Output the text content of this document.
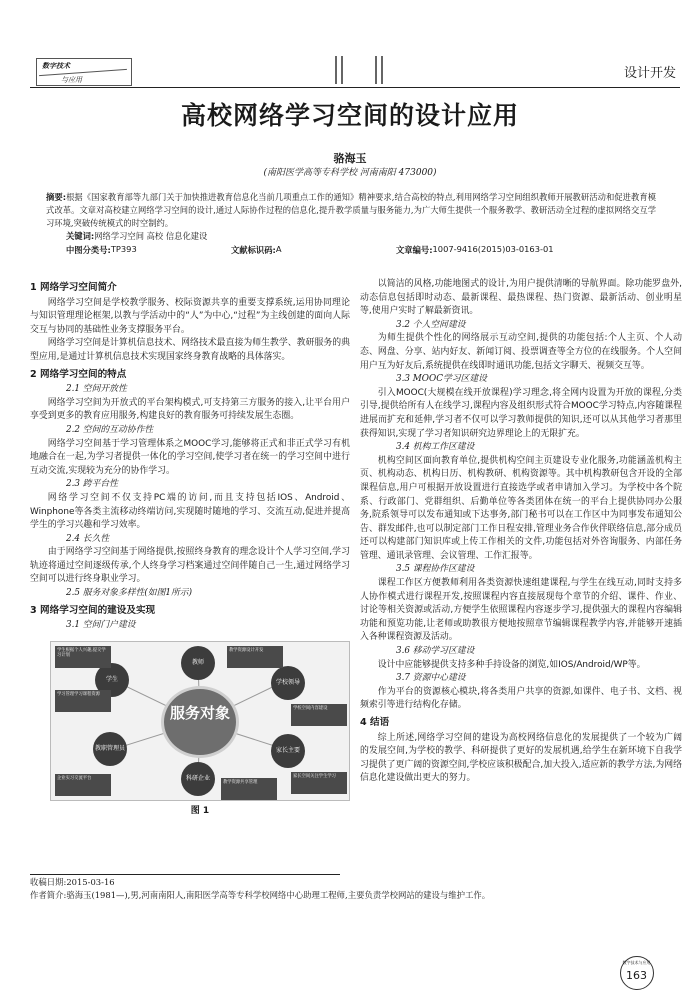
数字技术
与应用	设计开发
高校网络学习空间的设计应用
骆海玉
(南阳医学高等专科学校 河南南阳 473000)
摘要:根据《国家教育部等九部门关于加快推进教育信息化当前几项重点工作的通知》精神要求,结合高校的特点,利用网络学习空间组织教师开展教研活动和促进教育模式改革。文章对高校建立网络学习空间的设计,通过人际协作过程的信息化,提升教学质量与服务能力,为广大师生提供一个服务教学、教研活动全过程的虚拟网络交互学习环境,突破传统模式的时空制约。
关键词:网络学习空间 高校 信息化建设
中图分类号: TP393	文献标识码: A	文章编号: 1007-9416(2015)03-0163-01
1 网络学习空间简介
网络学习空间是学校教学服务、校际资源共享的重要支撑系统,运用协同理论与知识管理理论框架,以教与学活动中的“人”为中心,“过程”为主线创建的面向人际交互与协同的基础性业务支撑服务平台。
网络学习空间是计算机信息技术、网络技术最直接为师生教学、教研服务的典型应用,是通过计算机信息技术实现国家终身教育战略的具体落实。
2 网络学习空间的特点
2.1 空间开放性
网络学习空间为开放式的平台架构模式,可支持第三方服务的接入,让平台用户享受到更多的教育应用服务,构建良好的教育服务可持续发展生态圈。
2.2 空间的互动协作性
网络学习空间基于学习管理体系之MOOC学习,能够将正式和非正式学习有机地融合在一起,为学习者提供一体化的学习空间,使学习者在统一的学习空间中进行互动交流,实现较为充分的协作学习。
2.3 跨平台性
网络学习空间不仅支持PC端的访问,而且支持包括IOS、Android、Winphone等各类主流移动终端访问,实现随时随地的学习、交流互动,促进并提高学生的学习兴趣和学习效率。
2.4 长久性
由于网络学习空间基于网络提供,按照终身教育的理念设计个人学习空间,学习轨迹将通过空间逐级传承,个人终身学习档案通过空间伴随自己一生,通过网络学习空间可以进行终身职业学习。
2.5 服务对象多样性(如图1所示)
3 网络学习空间的建设及实现
3.1 空间门户建设
服务对象
学生
教师
学校领导
家长主要
科研企业
教职管理员
学生根据个人兴趣,提交学习计划
学习管理学习课程资源
教学资源设计开发
学校空间内容建设
家长空间关注学生学习
企业实习交流平台
教学资源共享管理
图 1
以简洁的风格,功能地图式的设计,为用户提供清晰的导航界面。除功能罗盘外,动态信息包括即时动态、最新课程、最热课程、热门资源、最新活动、创业明星等,使用户实时了解最新资讯。
3.2 个人空间建设
为师生提供个性化的网络展示互动空间,提供的功能包括:个人主页、个人动态、网盘、分享、站内好友、新闻订阅、投票调查等全方位的在线服务。个人空间用户互为好友后,系统提供在线即时通讯功能,包括文字聊天、视频交互等。
3.3 MOOC学习区建设
引入MOOC(大规模在线开放课程)学习理念,将全网内设置为开放的课程,分类引导,提供给所有人在线学习,课程内容及组织形式符合MOOC学习特点,内容随课程进展而扩充和延伸,学习者不仅可以学习教师提供的知识,还可以从其他学习者那里获得知识,实现了学习者知识研究边界理论上的无限扩充。
3.4 机构工作区建设
机构空间区面向教育单位,提供机构空间主页建设专业化服务,功能涵盖机构主页、机构动态、机构日历、机构教研、机构资源等。其中机构教研包含开设的全部课程信息,用户可根据开放设置进行直接选学或者申请加入学习。为学校中各个院系、行政部门、党群组织、后勤单位等各类团体在统一的平台上提供协同办公服务,院系领导可以发布通知或下达事务,部门秘书可以在工作区中为同事发布通知公告、群发邮件,也可以制定部门工作日程安排,管理业务合作伙伴联络信息,部分成员还可以构建部门知识库或上传工作相关的文件,功能包括对外咨询服务、内部任务管理、通讯录管理、会议管理、工作汇报等。
3.5 课程协作区建设
课程工作区方便教师利用各类资源快速组建课程,与学生在线互动,同时支持多人协作模式进行课程开发,按照课程内容直接展现每个章节的介绍、课件、作业、讨论等相关资源或活动,方便学生依照课程内容逐步学习,提供强大的课程内容编辑功能和预览功能,让老师或助教很方便地按照章节编辑课程教学内容,并能够开速插入各种课程资源及活动。
3.6 移动学习区建设
设计中应能够提供支持多种手持设备的浏览,如IOS/Android/WP等。
3.7 资源中心建设
作为平台的资源核心模块,将各类用户共享的资源,如课件、电子书、文档、视频索引等进行结构化存储。
4 结语
综上所述,网络学习空间的建设为高校网络信息化的发展提供了一个较为广阔的发展空间,为学校的教学、科研提供了更好的发展机遇,给学生在新环境下自我学习提供了更广阔的资源空间,学校应该积极配合,加大投入,适应新的教学方法,为网络信息化建设做出更大的努力。
收稿日期:2015-03-16
作者简介:骆海玉(1981—),男,河南南阳人,南阳医学高等专科学校网络中心助理工程师,主要负责学校网站的建设与维护工作。
数字技术与应用
163
